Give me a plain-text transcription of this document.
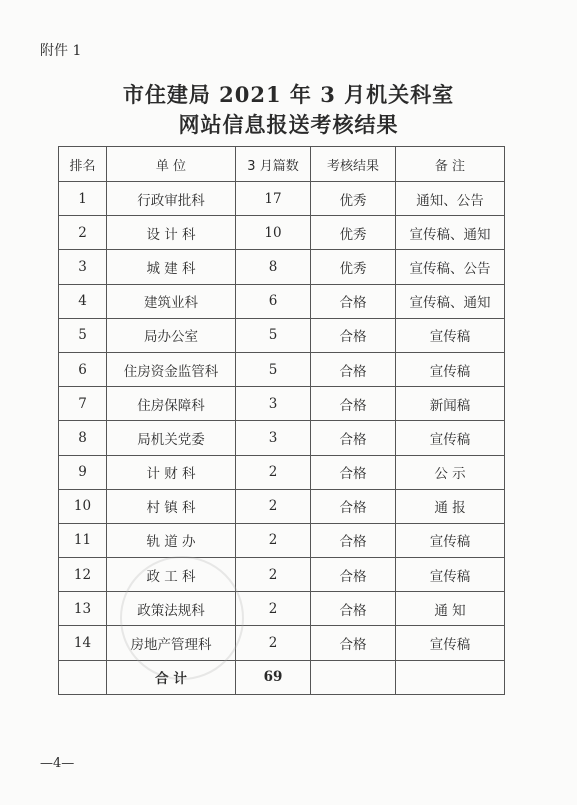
附件 1
市住建局 2021 年 3 月机关科室
网站信息报送考核结果
排名	单 位	3 月篇数	考核结果	备 注
1	行政审批科	17	优秀	通知、公告
2	设 计 科	10	优秀	宣传稿、通知
3	城 建 科	8	优秀	宣传稿、公告
4	建筑业科	6	合格	宣传稿、通知
5	局办公室	5	合格	宣传稿
6	住房资金监管科	5	合格	宣传稿
7	住房保障科	3	合格	新闻稿
8	局机关党委	3	合格	宣传稿
9	计 财 科	2	合格	公 示
10	村 镇 科	2	合格	通 报
11	轨 道 办	2	合格	宣传稿
12	政 工 科	2	合格	宣传稿
13	政策法规科	2	合格	通 知
14	房地产管理科	2	合格	宣传稿
	合 计	69		
—4—
